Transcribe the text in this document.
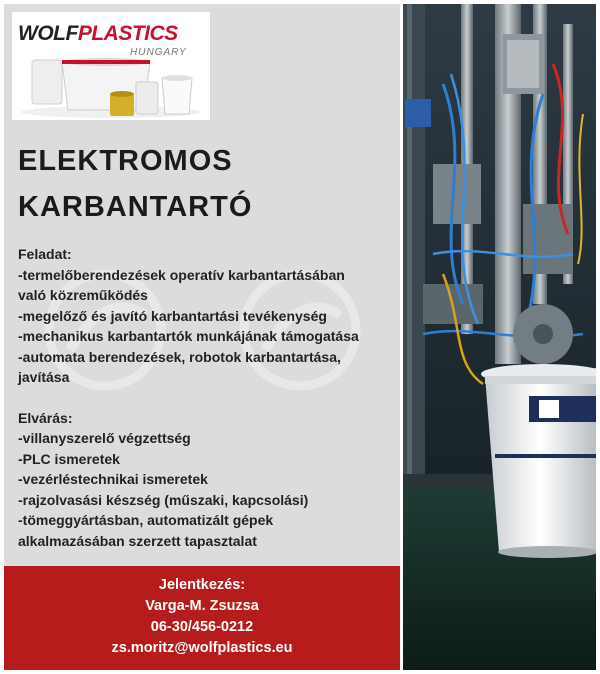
WOLFPLASTICS
HUNGARY
ELEKTROMOS
KARBANTARTÓ
Feladat:
-termelőberendezések operatív karbantartásában
való közreműködés
-megelőző és javító karbantartási tevékenység
-mechanikus karbantartók munkájának támogatása
-automata berendezések, robotok karbantartása,
javítása
Elvárás:
-villanyszerelő végzettség
-PLC ismeretek
-vezérléstechnikai ismeretek
-rajzolvasási készség (műszaki, kapcsolási)
-tömeggyártásban, automatizált gépek
alkalmazásában szerzett tapasztalat
Jelentkezés:
Varga-M. Zsuzsa
06-30/456-0212
zs.moritz@wolfplastics.eu
